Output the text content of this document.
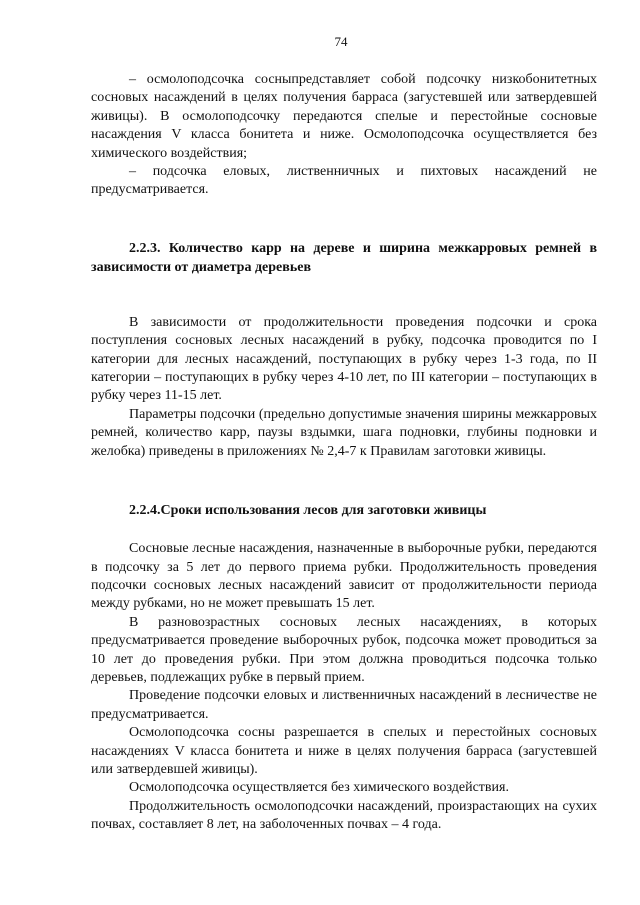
74

– осмолоподсочка сосныпредставляет собой подсочку низкобонитетных сосновых насаждений в целях получения барраса (загустевшей или затвердевшей живицы). В осмолоподсочку передаются спелые и перестойные сосновые насаждения V класса бонитета и ниже. Осмолоподсочка осуществляется без химического воздействия;

– подсочка еловых, лиственничных и пихтовых насаждений не предусматривается.

2.2.3. Количество карр на дереве и ширина межкарровых ремней в зависимости от диаметра деревьев

В зависимости от продолжительности проведения подсочки и срока поступления сосновых лесных насаждений в рубку, подсочка проводится по I категории для лесных насаждений, поступающих в рубку через 1-3 года, по II категории – поступающих в рубку через 4-10 лет, по III категории – поступающих в рубку через 11-15 лет.

Параметры подсочки (предельно допустимые значения ширины межкарровых ремней, количество карр, паузы вздымки, шага подновки, глубины подновки и желобка) приведены в приложениях № 2,4-7 к Правилам заготовки живицы.

2.2.4.Сроки использования лесов для заготовки живицы

Сосновые лесные насаждения, назначенные в выборочные рубки, передаются в подсочку за 5 лет до первого приема рубки. Продолжительность проведения подсочки сосновых лесных насаждений зависит от продолжительности периода между рубками, но не может превышать 15 лет.

В разновозрастных сосновых лесных насаждениях, в которых предусматривается проведение выборочных рубок, подсочка может проводиться за 10 лет до проведения рубки. При этом должна проводиться подсочка только деревьев, подлежащих рубке в первый прием.

Проведение подсочки еловых и лиственничных насаждений в лесничестве не предусматривается.

Осмолоподсочка сосны разрешается в спелых и перестойных сосновых насаждениях V класса бонитета и ниже в целях получения барраса (загустевшей или затвердевшей живицы).

Осмолоподсочка осуществляется без химического воздействия.

Продолжительность осмолоподсочки насаждений, произрастающих на сухих почвах, составляет 8 лет, на заболоченных почвах – 4 года.
